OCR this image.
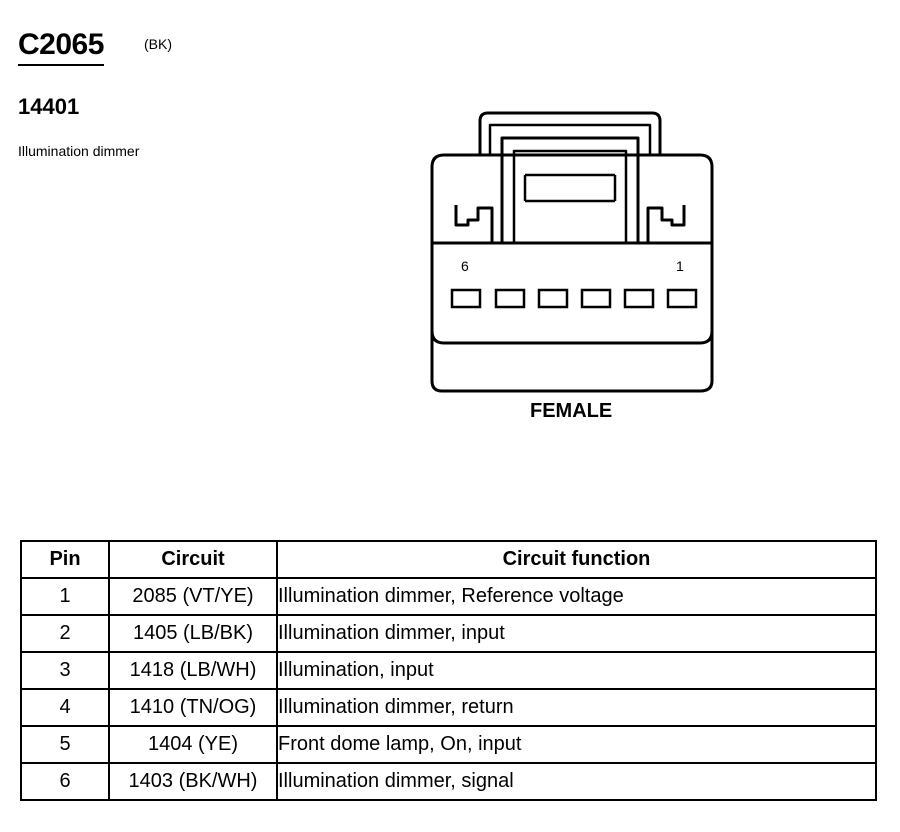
C2065	(BK)
14401
Illumination dimmer
6	1
FEMALE
Pin	Circuit	Circuit function
1	2085 (VT/YE)	Illumination dimmer, Reference voltage
2	1405 (LB/BK)	Illumination dimmer, input
3	1418 (LB/WH)	Illumination, input
4	1410 (TN/OG)	Illumination dimmer, return
5	1404 (YE)	Front dome lamp, On, input
6	1403 (BK/WH)	Illumination dimmer, signal
